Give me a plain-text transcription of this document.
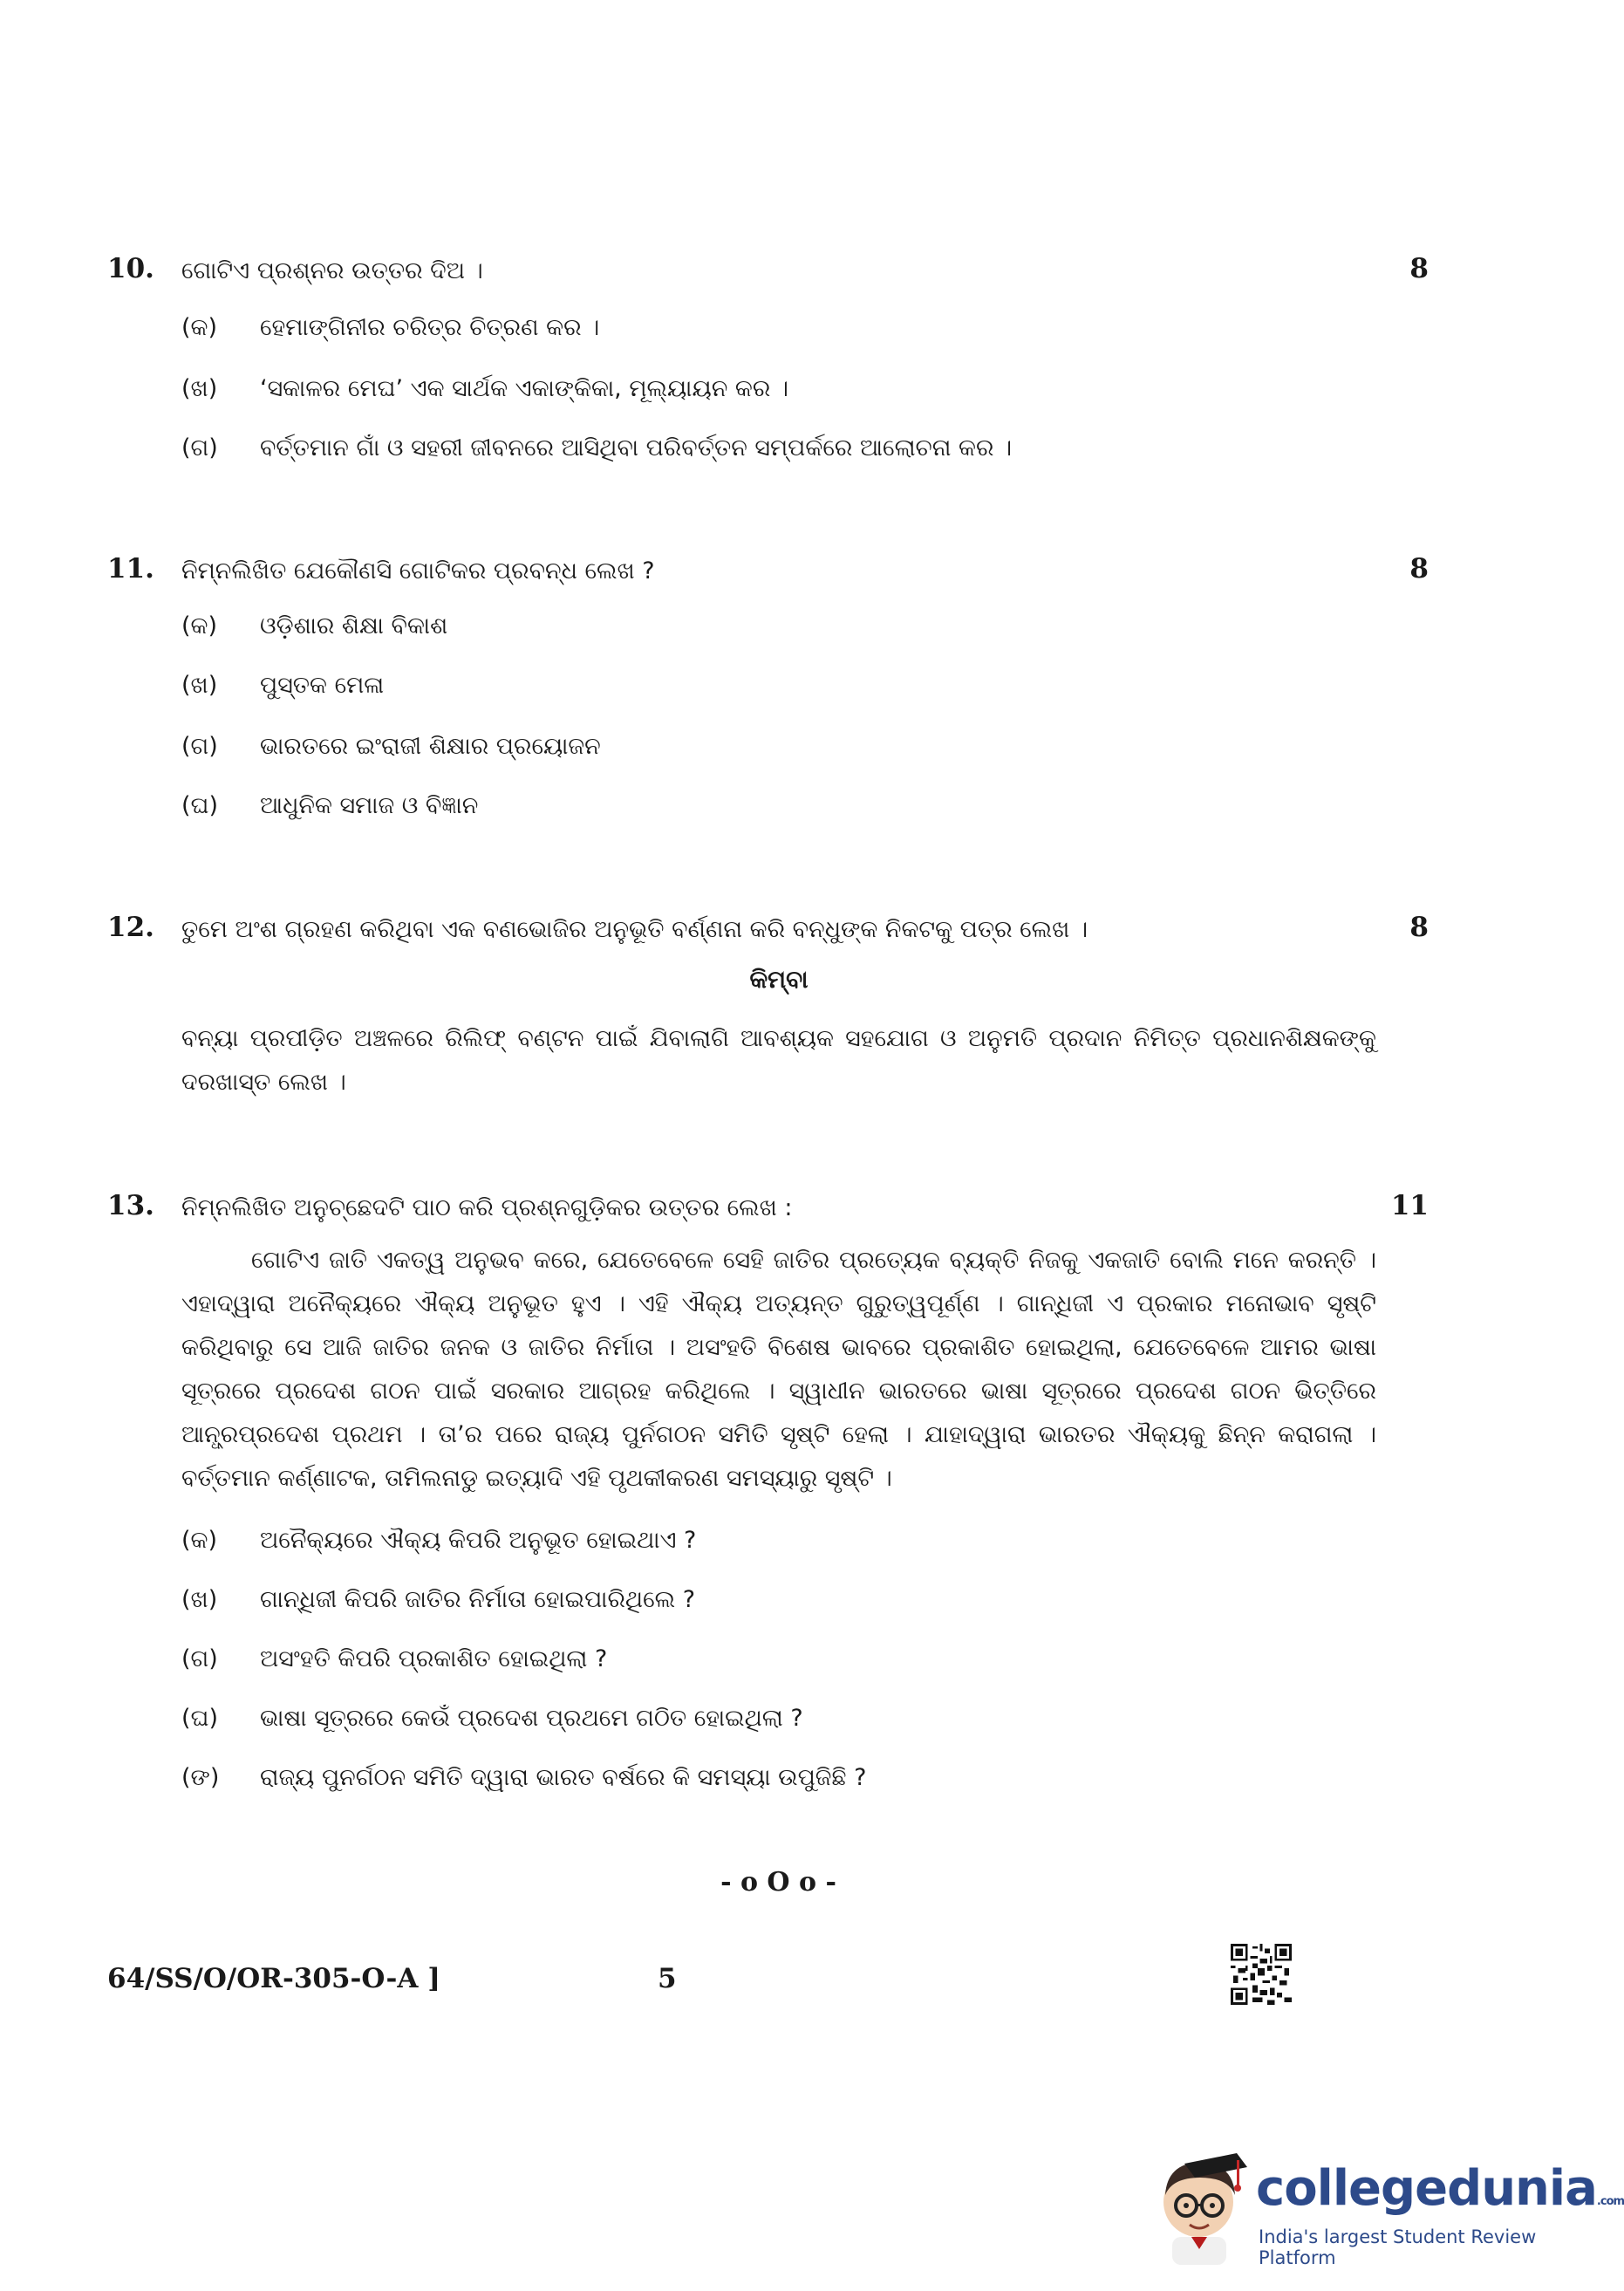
10. ଗୋଟିଏ ପ୍ରଶ୍ନର ଉତ୍ତର ଦିଅ ।	8
(କ) ହେମାଙ୍ଗିନୀର ଚରିତ୍ର ଚିତ୍ରଣ କର ।
(ଖ) ‘ସକାଳର ମେଘ’ ଏକ ସାର୍ଥକ ଏକାଙ୍କିକା, ମୂଲ୍ୟାୟନ କର ।
(ଗ) ବର୍ତ୍ତମାନ ଗାଁ ଓ ସହରୀ ଜୀବନରେ ଆସିଥିବା ପରିବର୍ତ୍ତନ ସମ୍ପର୍କରେ ଆଲୋଚନା କର ।
11. ନିମ୍ନଲିଖିତ ଯେକୌଣସି ଗୋଟିକର ପ୍ରବନ୍ଧ ଲେଖ ?	8
(କ) ଓଡ଼ିଶାର ଶିକ୍ଷା ବିକାଶ
(ଖ) ପୁସ୍ତକ ମେଳା
(ଗ) ଭାରତରେ ଇଂରାଜୀ ଶିକ୍ଷାର ପ୍ରୟୋଜନ
(ଘ) ଆଧୁନିକ ସମାଜ ଓ ବିଜ୍ଞାନ
12. ତୁମେ ଅଂଶ ଗ୍ରହଣ କରିଥିବା ଏକ ବଣଭୋଜିର ଅନୁଭୂତି ବର୍ଣ୍ଣନା କରି ବନ୍ଧୁଙ୍କ ନିକଟକୁ ପତ୍ର ଲେଖ ।	8
କିମ୍ବା
ବନ୍ୟା ପ୍ରପୀଡ଼ିତ ଅଞ୍ଚଳରେ ରିଲିଫ୍ ବଣ୍ଟନ ପାଇଁ ଯିବାଲାଗି ଆବଶ୍ୟକ ସହଯୋଗ ଓ ଅନୁମତି ପ୍ରଦାନ ନିମିତ୍ତ ପ୍ରଧାନଶିକ୍ଷକଙ୍କୁ ଦରଖାସ୍ତ ଲେଖ ।
13. ନିମ୍ନଲିଖିତ ଅନୁଚ୍ଛେଦଟି ପାଠ କରି ପ୍ରଶ୍ନଗୁଡ଼ିକର ଉତ୍ତର ଲେଖ :	11
ଗୋଟିଏ ଜାତି ଏକତ୍ୱ ଅନୁଭବ କରେ, ଯେତେବେଳେ ସେହି ଜାତିର ପ୍ରତ୍ୟେକ ବ୍ୟକ୍ତି ନିଜକୁ ଏକଜାତି ବୋଲି ମନେ କରନ୍ତି । ଏହାଦ୍ୱାରା ଅନୈକ୍ୟରେ ଐକ୍ୟ ଅନୁଭୂତ ହୁଏ । ଏହି ଐକ୍ୟ ଅତ୍ୟନ୍ତ ଗୁରୁତ୍ୱପୂର୍ଣ୍ଣ । ଗାନ୍ଧିଜୀ ଏ ପ୍ରକାର ମନୋଭାବ ସୃଷ୍ଟି କରିଥିବାରୁ ସେ ଆଜି ଜାତିର ଜନକ ଓ ଜାତିର ନିର୍ମାତା । ଅସଂହତି ବିଶେଷ ଭାବରେ ପ୍ରକାଶିତ ହୋଇଥିଲା, ଯେତେବେଳେ ଆମର ଭାଷା ସୂତ୍ରରେ ପ୍ରଦେଶ ଗଠନ ପାଇଁ ସରକାର ଆଗ୍ରହ କରିଥିଲେ । ସ୍ୱାଧୀନ ଭାରତରେ ଭାଷା ସୂତ୍ରରେ ପ୍ରଦେଶ ଗଠନ ଭିତ୍ତିରେ ଆନ୍ଧ୍ରପ୍ରଦେଶ ପ୍ରଥମ । ତା’ର ପରେ ରାଜ୍ୟ ପୁର୍ନଗଠନ ସମିତି ସୃଷ୍ଟି ହେଲା । ଯାହାଦ୍ୱାରା ଭାରତର ଐକ୍ୟକୁ ଛିନ୍ନ କରାଗଲା । ବର୍ତ୍ତମାନ କର୍ଣ୍ଣାଟକ, ତାମିଲନାଡୁ ଇତ୍ୟାଦି ଏହି ପୃଥକୀକରଣ ସମସ୍ୟାରୁ ସୃଷ୍ଟି ।
(କ) ଅନୈକ୍ୟରେ ଐକ୍ୟ କିପରି ଅନୁଭୂତ ହୋଇଥାଏ ?
(ଖ) ଗାନ୍ଧିଜୀ କିପରି ଜାତିର ନିର୍ମାତା ହୋଇପାରିଥିଲେ ?
(ଗ) ଅସଂହତି କିପରି ପ୍ରକାଶିତ ହୋଇଥିଲା ?
(ଘ) ଭାଷା ସୂତ୍ରରେ କେଉଁ ପ୍ରଦେଶ ପ୍ରଥମେ ଗଠିତ ହୋଇଥିଲା ?
(ଙ) ରାଜ୍ୟ ପୁନର୍ଗଠନ ସମିତି ଦ୍ୱାରା ଭାରତ ବର୍ଷରେ କି ସମସ୍ୟା ଉପୁଜିଛି ?
- o O o -
64/SS/O/OR-305-O-A ]	5
collegedunia.com
India's largest Student Review Platform
